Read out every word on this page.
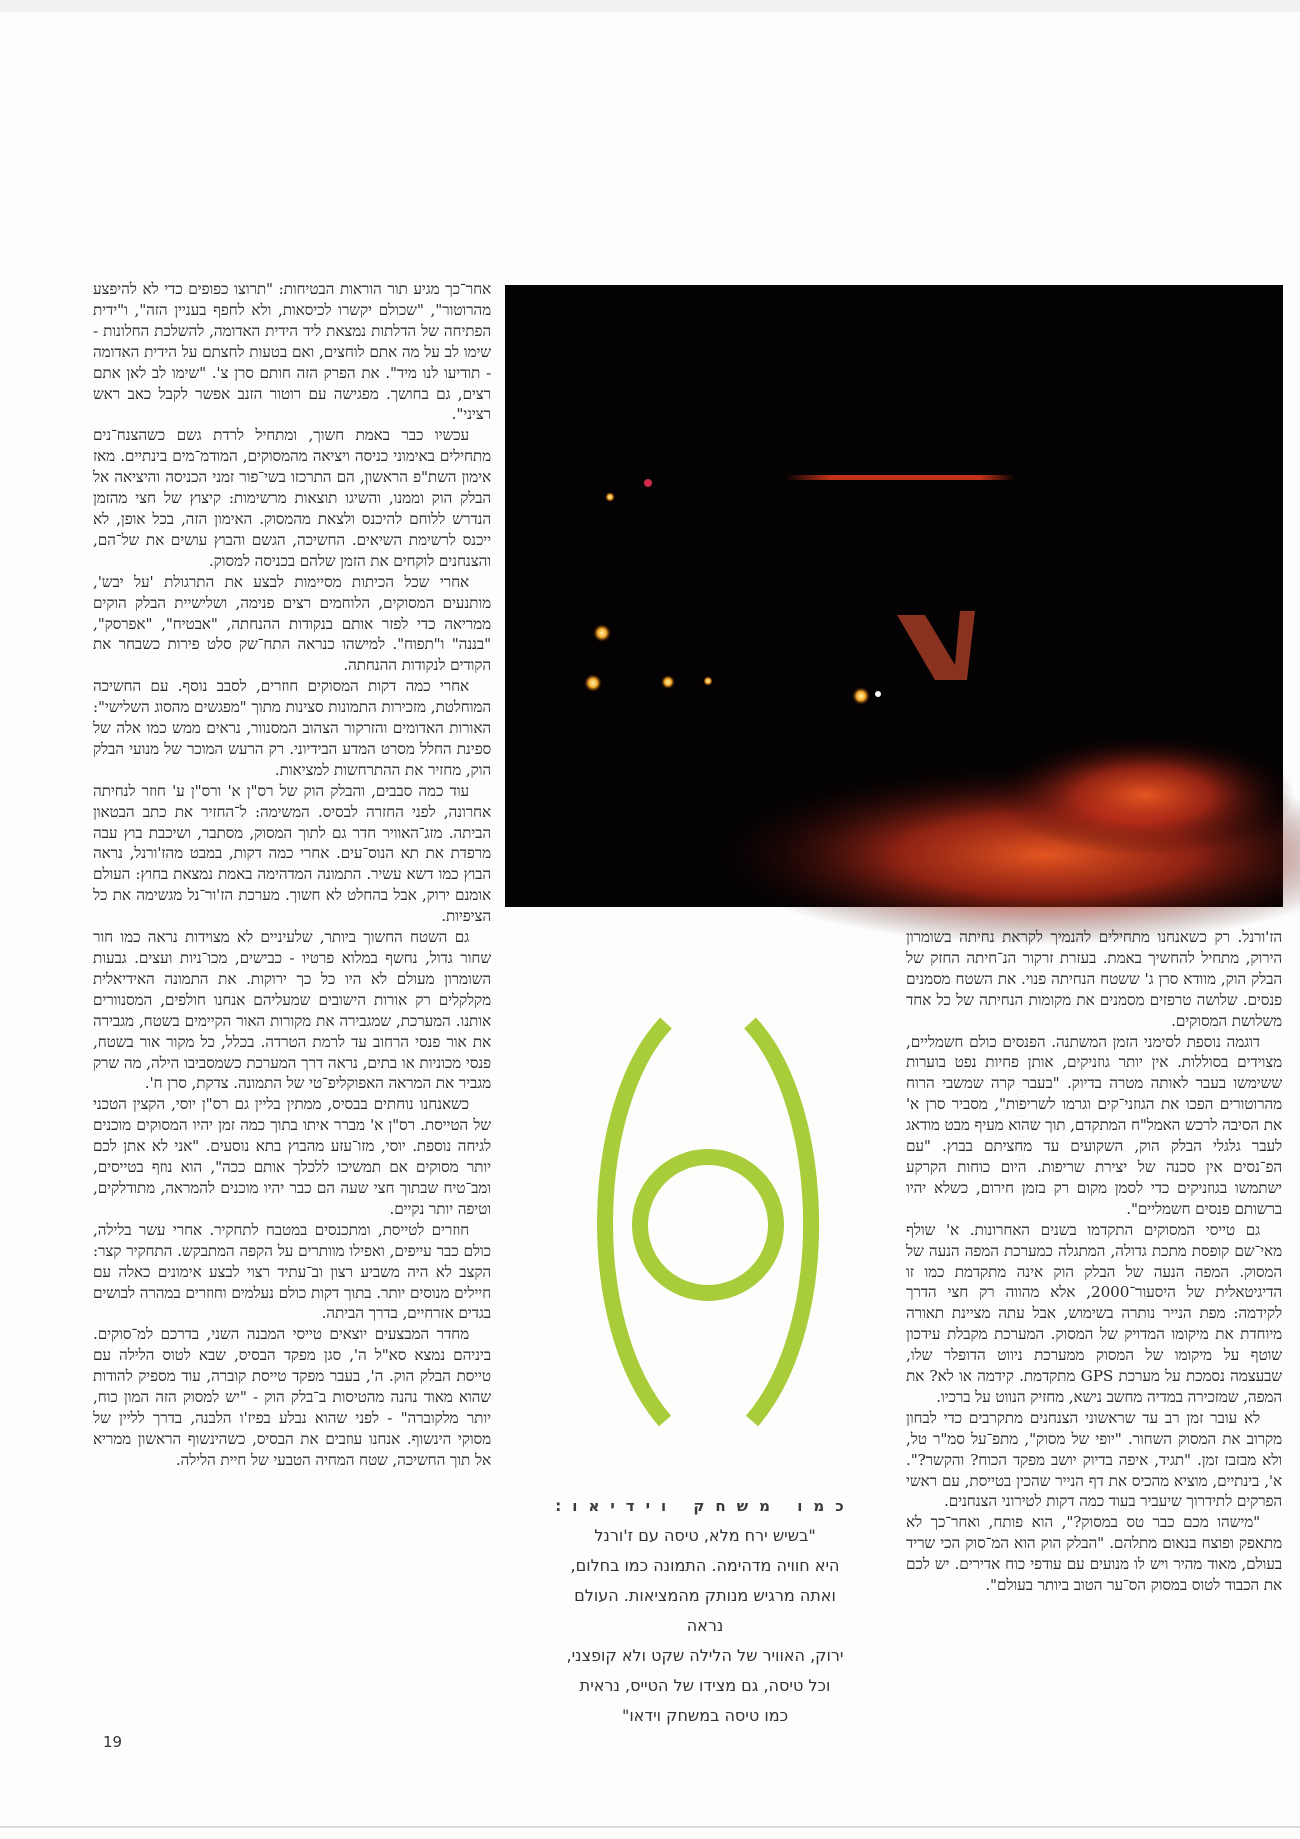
אחר־כך מגיע תור הוראות הבטיחות: "תרוצו כפופים כדי לא להיפצע מהרוטור", "שכולם יקשרו לכיסאות, ולא לחפף בעניין הזה", ו"ידית הפתיחה של הדלתות נמצאת ליד הידית האדומה, להשלכת החלונות - שימו לב על מה אתם לוחצים, ואם בטעות לחצתם על הידית האדומה - תודיעו לנו מיד". את הפרק הזה חותם סרן צ'. "שימו לב לאן אתם רצים, גם בחושך. מפגישה עם רוטור הזנב אפשר לקבל כאב ראש רציני".

עכשיו כבר באמת חשוך, ומתחיל לרדת גשם כשהצנח־נים מתחילים באימוני כניסה ויציאה מהמסוקים, המודמ־מים בינתיים. מאז אימון השת"פ הראשון, הם התרכזו בשי־פור זמני הכניסה והיציאה אל הבלק הוק וממנו, והשיגו תוצאות מרשימות: קיצוץ של חצי מהזמן הנדרש ללוחם להיכנס ולצאת מהמסוק. האימון הזה, בכל אופן, לא ייכנס לרשימת השיאים. החשיכה, הגשם והבוץ עושים את של־הם, והצנחנים לוקחים את הזמן שלהם בכניסה למסוק.

אחרי שכל הכיתות מסיימות לבצע את התרגולת 'על יבש', מותנעים המסוקים, הלוחמים רצים פנימה, ושלישיית הבלק הוקים ממריאה כדי לפזר אותם בנקודות ההנחתה, "אבטיח", "אפרסק", "בננה" ו"תפוח". למישהו כנראה התח־שק סלט פירות כשבחר את הקודים לנקודות ההנחתה.

אחרי כמה דקות המסוקים חוזרים, לסבב נוסף. עם החשיכה המוחלטת, מזכירות התמונות סצינות מתוך "מפגשים מהסוג השלישי": האורות האדומים והזרקור הצהוב המסנוור, נראים ממש כמו אלה של ספינת החלל מסרט המדע הבידיוני. רק הרעש המוכר של מנועי הבלק הוק, מחזיר את ההתרחשות למציאות.

עוד כמה סבבים, והבלק הוק של רס"ן א' ורס"ן ע' חוזר לנחיתה אחרונה, לפני החזרה לבסיס. המשימה: ל־החזיר את כתב הבטאון הביתה. מזג־האוויר חדר גם לתוך המסוק, מסתבר, ושיכבת בוץ עבה מרפדת את תא הנוס־עים. אחרי כמה דקות, במבט מהז'ורנל, נראה הבוץ כמו דשא עשיר. התמונה המדהימה באמת נמצאת בחוץ: העולם אומנם ירוק, אבל בהחלט לא חשוך. מערכת הז'ור־נל מגשימה את כל הציפיות.

גם השטח החשוך ביותר, שלעיניים לא מצוידות נראה כמו חור שחור גדול, נחשף במלוא פרטיו - כבישים, מכו־ניות ועצים. גבעות השומרון מעולם לא היו כל כך ירוקות. את התמונה האידיאלית מקלקלים רק אורות הישובים שמעליהם אנחנו חולפים, המסנוורים אותנו. המערכת, שמגבירה את מקורות האור הקיימים בשטח, מגבירה את אור פנסי הרחוב עד לרמת הטרדה. בכלל, כל מקור אור בשטח, פנסי מכוניות או בתים, נראה דרך המערכת כשמסביבו הילה, מה שרק מגביר את המראה האפוקליפ־טי של התמונה. צדקת, סרן ח'.

כשאנחנו נוחתים בבסיס, ממתין בליין גם רס"ן יוסי, הקצין הטכני של הטייסת. רס"ן א' מברר איתו בתוך כמה זמן יהיו המסוקים מוכנים לגיחה נוספת. יוסי, מזו־עזע מהבוץ בתא נוסעים. "אני לא אתן לכם יותר מסוקים אם תמשיכו ללכלך אותם ככה", הוא נוזף בטייסים, ומב־טיח שבתוך חצי שעה הם כבר יהיו מוכנים להמראה, מתודלקים, וטיפה יותר נקיים.

חוזרים לטייסת, ומתכנסים במטבח לתחקיר. אחרי עשר בלילה, כולם כבר עייפים, ואפילו מוותרים על הקפה המתבקש. התחקיר קצר: הקצב לא היה משביע רצון וב־עתיד רצוי לבצע אימונים כאלה עם חיילים מנוסים יותר. בתוך דקות כולם נעלמים וחוזרים במהרה לבושים בגדים אזרחיים, בדרך הביתה.

מחדר המבצעים יוצאים טייסי המבנה השני, בדרכם למ־סוקים. ביניהם נמצא סא"ל ה', סגן מפקד הבסיס, שבא לטוס הלילה עם טייסת הבלק הוק. ה', בעבר מפקד טייסת קוברה, עוד מספיק להודות שהוא מאוד נהנה מהטיסות ב־בלק הוק - "יש למסוק הזה המון כוח, יותר מלקוברה" - לפני שהוא נבלע בפיז'ו הלבנה, בדרך לליין של מסוקי הינשוף. אנחנו עוזבים את הבסיס, כשהינשוף הראשון ממריא אל תוך החשיכה, שטח המחיה הטבעי של חיית הלילה.

צילום: דוני הדמן

הז'ורנל. רק כשאנחנו מתחילים להנמיך לקראת נחיתה בשומרון הירוק, מתחיל להחשיך באמת. בעזרת זרקור הנ־חיתה החזק של הבלק הוק, מוודא סרן ג' ששטח הנחיתה פנוי. את השטח מסמנים פנסים. שלושה טרפזים מסמנים את מקומות הנחיתה של כל אחד משלושת המסוקים.

דוגמה נוספת לסימני הזמן המשתנה. הפנסים כולם חשמליים, מצוידים בסוללות. אין יותר גוזניקים, אותן פחיות נפט בוערות ששימשו בעבר לאותה מטרה בדיוק. "בעבר קרה שמשבי הרוח מהרוטורים הפכו את הגוזני־קים וגרמו לשריפות", מסביר סרן א' את הסיבה לרכש האמל"ח המתקדם, תוך שהוא מעיף מבט מודאג לעבר גלגלי הבלק הוק, השקועים עד מחציתם בבוץ. "עם הפ־נסים אין סכנה של יצירת שריפות. היום כוחות הקרקע ישתמשו בגוזניקים כדי לסמן מקום רק בזמן חירום, כשלא יהיו ברשותם פנסים חשמליים".

גם טייסי המסוקים התקדמו בשנים האחרונות. א' שולף מאי־שם קופסת מתכת גדולה, המתגלה כמערכת המפה הנעה של המסוק. המפה הנעה של הבלק הוק אינה מתקדמת כמו זו הדיגיטאלית של היסעור־2000, אלא מהווה רק חצי הדרך לקידמה: מפת הנייר נותרה בשימוש, אבל עתה מציינת תאורה מיוחדת את מיקומו המדויק של המסוק. המערכת מקבלת עידכון שוטף על מיקומו של המסוק ממערכת ניווט הדופלר שלו, שבעצמה נסמכת על מערכת GPS מתקדמת. קידמה או לא? את המפה, שמזכירה במדיה מחשב נישא, מחזיק הנווט על ברכיו.

לא עובר זמן רב עד שראשוני הצנחנים מתקרבים כדי לבחון מקרוב את המסוק השחור. "יופי של מסוק", מתפ־על סמ"ר טל, ולא מבזבז זמן. "תגיד, איפה בדיוק יושב מפקד הכוח? והקשר?". א', בינתיים, מוציא מהכיס את דף הנייר שהכין בטייסת, עם ראשי הפרקים לתידרוך שיעביר בעוד כמה דקות לטירוני הצנחנים.

"מישהו מכם כבר טס במסוק?", הוא פותח, ואחר־כך לא מתאפק ופוצח בנאום מתלהם. "הבלק הוק הוא המ־סוק הכי שריד בעולם, מאוד מהיר ויש לו מנועים עם עודפי כוח אדירים. יש לכם את הכבוד לטוס במסוק הס־ער הטוב ביותר בעולם".

כמו משחק וידיאו:
"בשיש ירח מלא, טיסה עם ז'ורנל
היא חוויה מדהימה. התמונה כמו בחלום,
ואתה מרגיש מנותק מהמציאות. העולם נראה
ירוק, האוויר של הלילה שקט ולא קופצני,
וכל טיסה, גם מצידו של הטייס, נראית
כמו טיסה במשחק וידאו"
19
